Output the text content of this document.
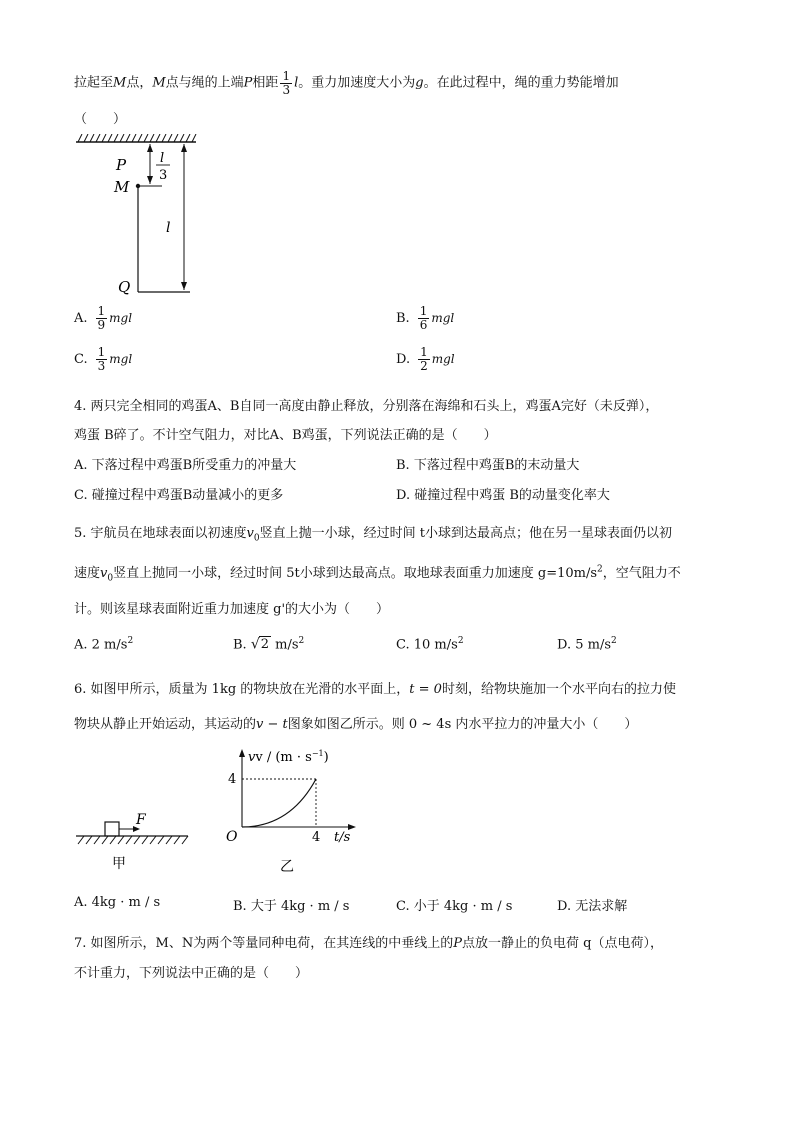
拉起至M点，M点与绳的上端P相距 $\frac{1}{3}$ l。重力加速度大小为g。在此过程中，绳的重力势能增加
（　　）
P
M
Q
l
3
l
A. $\frac{1}{9}$ mgl	B. $\frac{1}{6}$ mgl
C. $\frac{1}{3}$ mgl	D. $\frac{1}{2}$ mgl
4. 两只完全相同的鸡蛋A、B自同一高度由静止释放，分别落在海绵和石头上，鸡蛋A完好（未反弹），
鸡蛋 B碎了。不计空气阻力，对比A、B鸡蛋，下列说法正确的是（　　）
A. 下落过程中鸡蛋B所受重力的冲量大	B. 下落过程中鸡蛋B的末动量大
C. 碰撞过程中鸡蛋B动量减小的更多	D. 碰撞过程中鸡蛋 B的动量变化率大
5. 宇航员在地球表面以初速度$v_0$竖直上抛一小球，经过时间 t小球到达最高点；他在另一星球表面仍以初
速度$v_0$竖直上抛同一小球，经过时间 5t小球到达最高点。取地球表面重力加速度 $g=10m/s^2$，空气阻力不
计。则该星球表面附近重力加速度 g'的大小为（　　）
A. 2 $m/s^2$	B. √2 $m/s^2$	C. 10 $m/s^2$	D. 5 $m/s^2$
6. 如图甲所示，质量为 1kg 的物块放在光滑的水平面上，t = 0时刻，给物块施加一个水平向右的拉力使
物块从静止开始运动，其运动的v − t图象如图乙所示。则 0 ~ 4s 内水平拉力的冲量大小（　　）
F
甲
vv / $(m \cdot s^{-1})$
4
4
O	t/s
乙
A. 4kg · m / s	B. 大于 4kg · m / s	C. 小于 4kg · m / s	D. 无法求解
7. 如图所示，M、N为两个等量同种电荷，在其连线的中垂线上的P点放一静止的负电荷 q（点电荷），
不计重力，下列说法中正确的是（　　）
